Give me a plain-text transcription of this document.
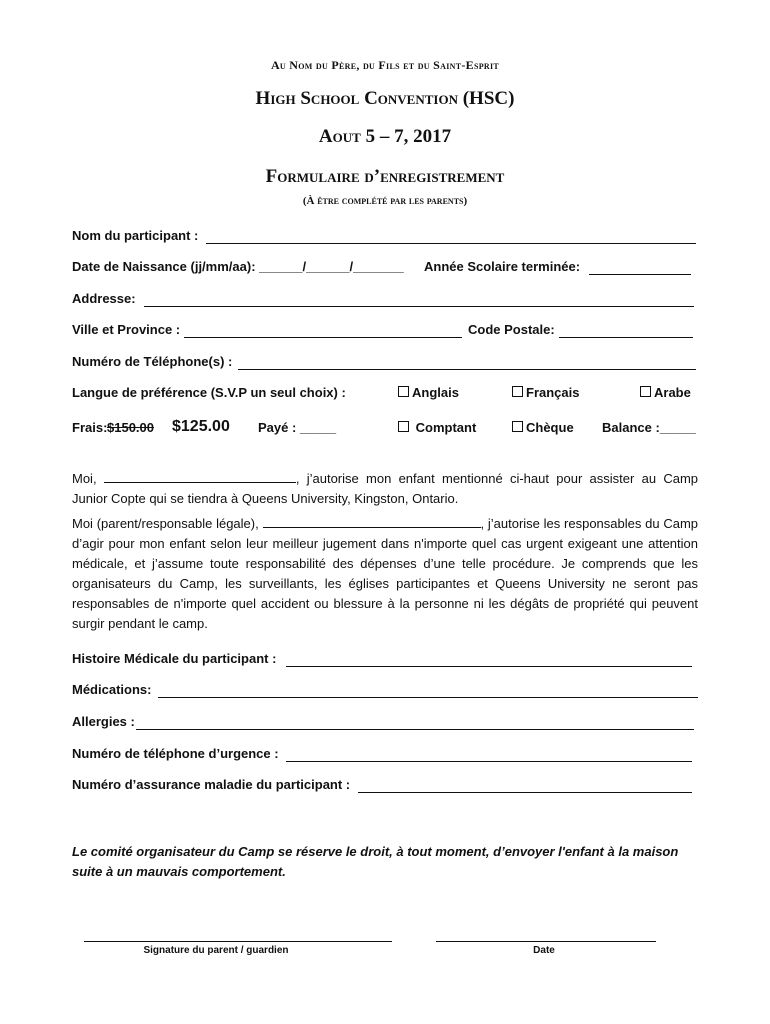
Au Nom du Père, du Fils et du Saint-Esprit
High School Convention (HSC)
Aout 5 – 7, 2017
Formulaire d’enregistrement
(À être complété par les parents)
Nom du participant :
Date de Naissance (jj/mm/aa): ______/______/_______ Année Scolaire terminée:
Addresse:
Ville et Province :	Code Postale:
Numéro de Téléphone(s) :
Langue de préférence (S.V.P un seul choix) :	Anglais	Français	Arabe
Frais: $150.00 $125.00 Payé : _____	Comptant	Chèque Balance :_____
Moi,	, j’autorise mon enfant mentionné ci-haut pour assister au Camp Junior Copte qui se tiendra à Queens University, Kingston, Ontario.
Moi (parent/responsable légale),	, j’autorise les responsables du Camp d’agir pour mon enfant selon leur meilleur jugement dans n'importe quel cas urgent exigeant une attention médicale, et j’assume toute responsabilité des dépenses d’une telle procédure. Je comprends que les organisateurs du Camp, les surveillants, les églises participantes et Queens University ne seront pas responsables de n'importe quel accident ou blessure à la personne ni les dégâts de propriété qui peuvent surgir pendant le camp.
Histoire Médicale du participant :
Médications:
Allergies :
Numéro de téléphone d’urgence :
Numéro d’assurance maladie du participant :
Le comité organisateur du Camp se réserve le droit, à tout moment, d’envoyer l'enfant à la maison suite à un mauvais comportement.
Signature du parent / guardien	Date
